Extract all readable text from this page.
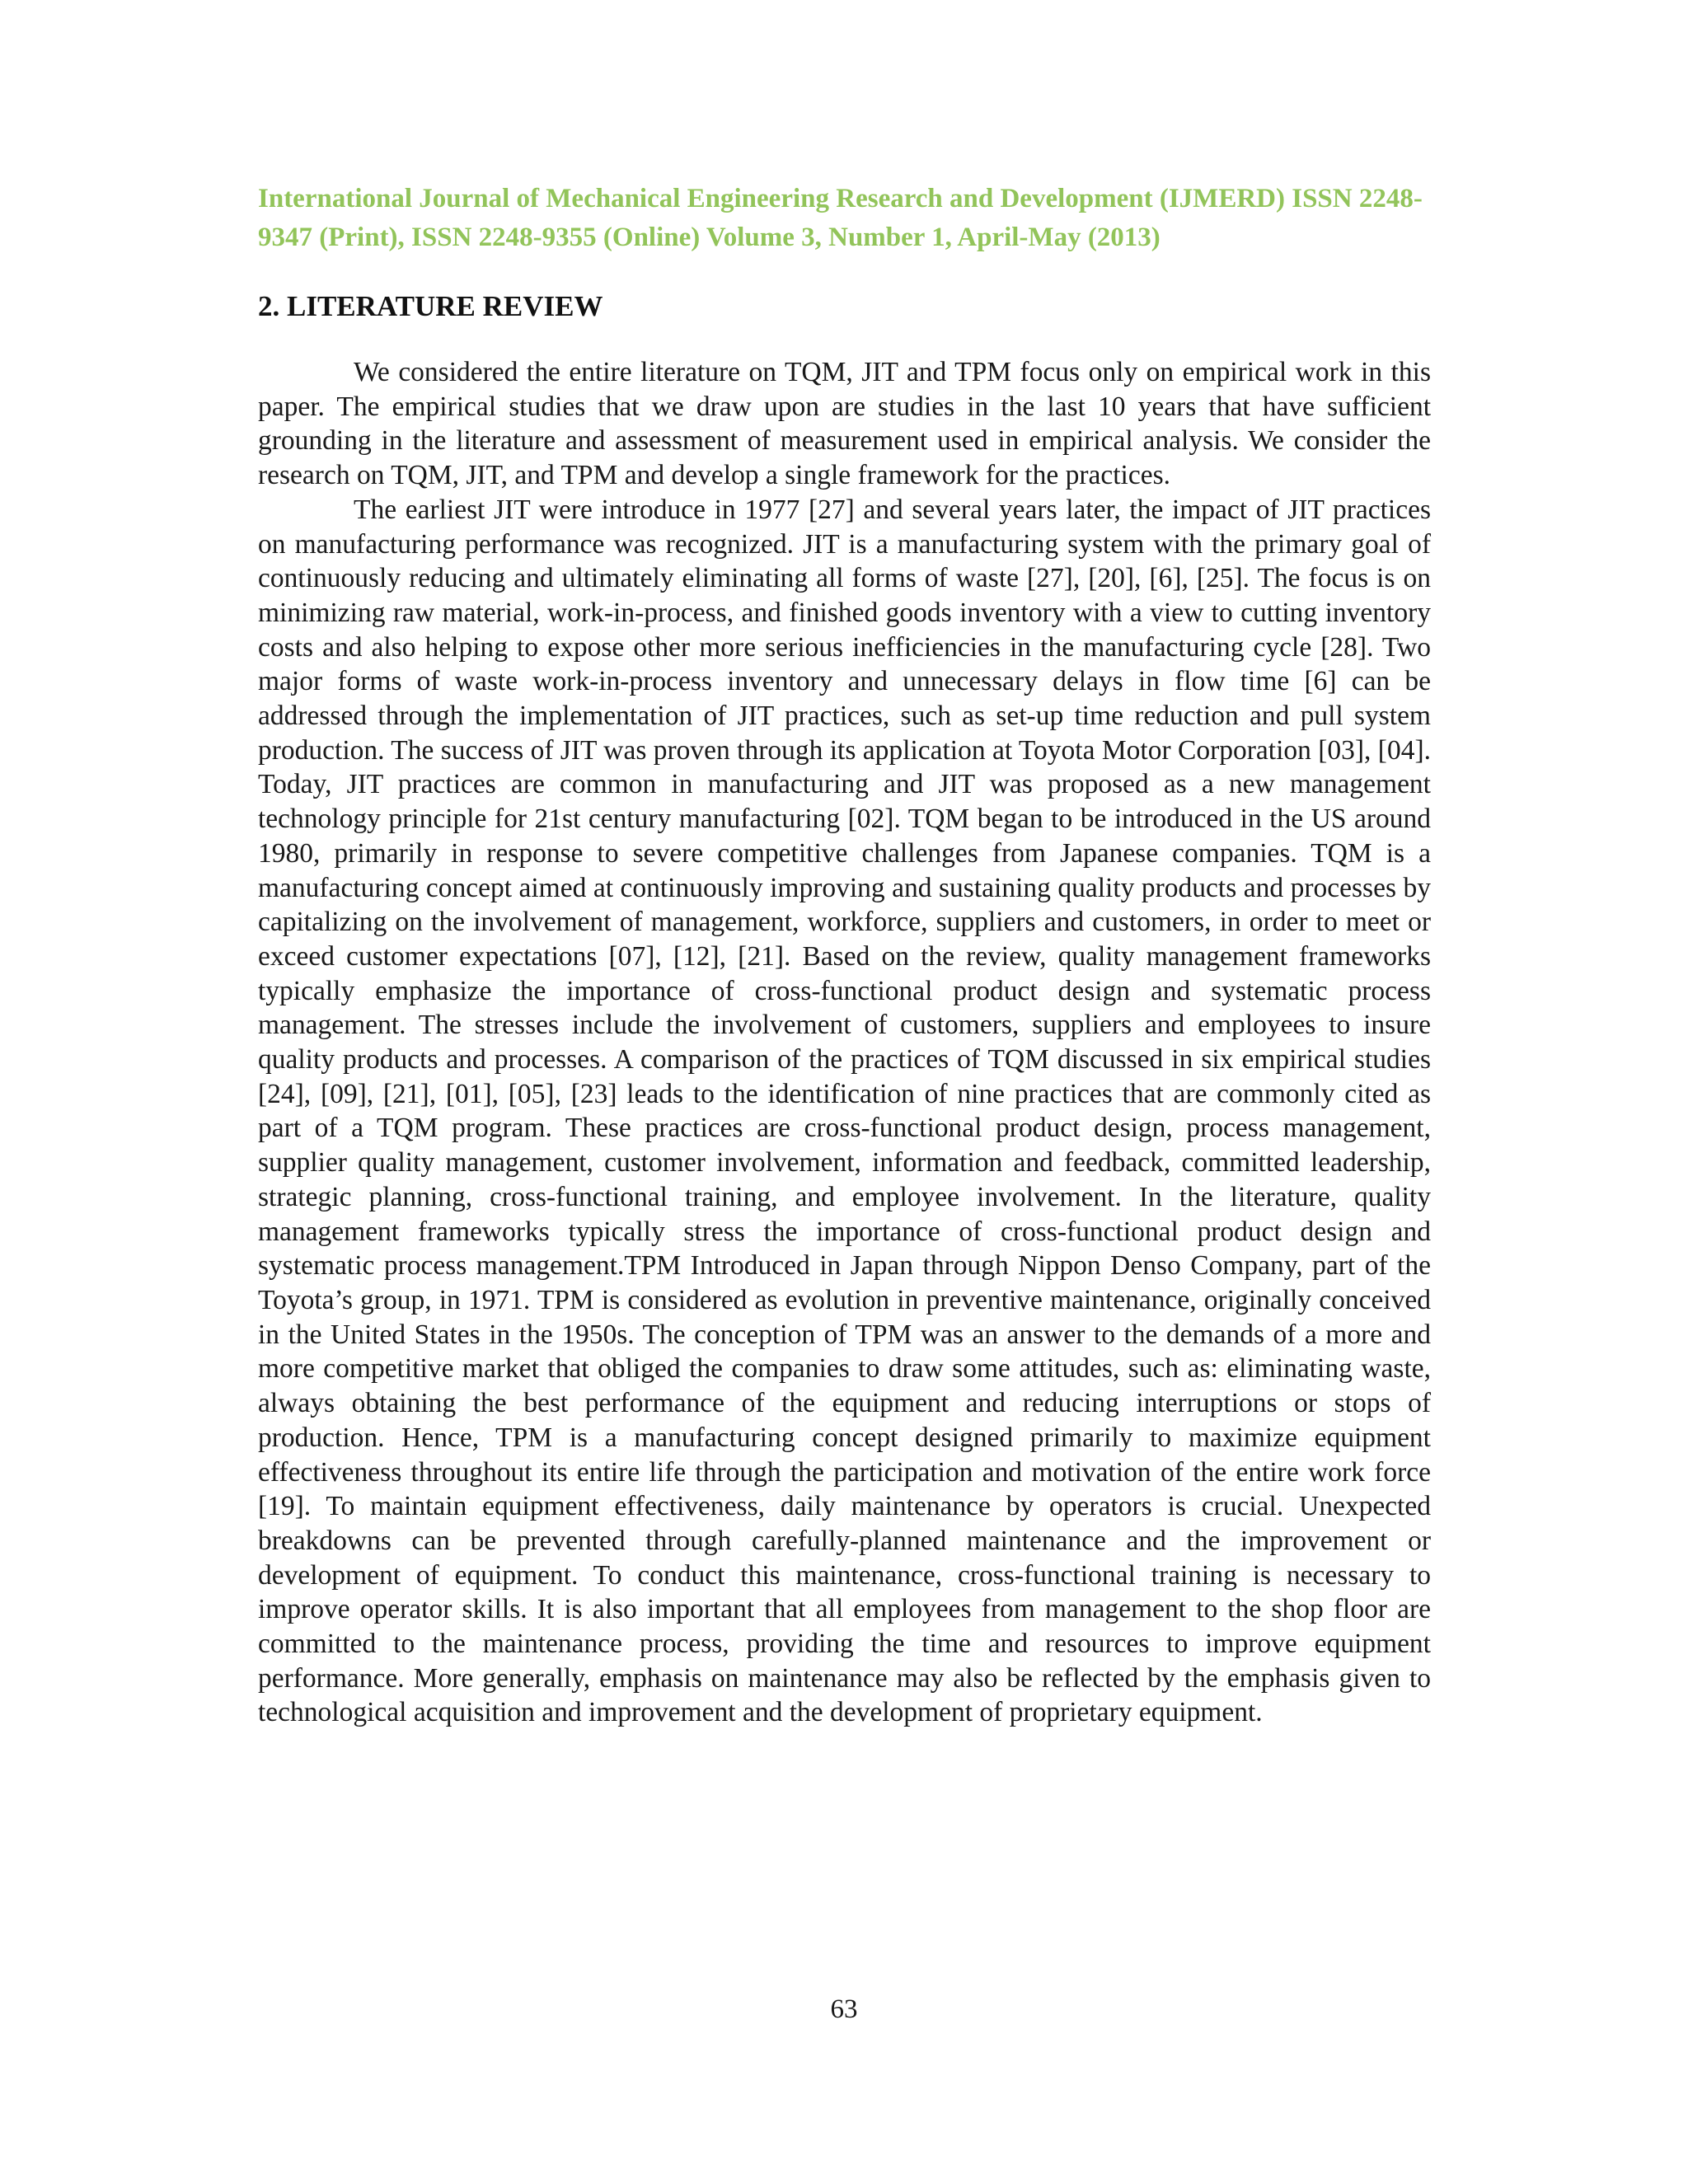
International Journal of Mechanical Engineering Research and Development (IJMERD) ISSN 2248-9347 (Print), ISSN 2248-9355 (Online) Volume 3, Number 1, April-May (2013)

2. LITERATURE REVIEW

We considered the entire literature on TQM, JIT and TPM focus only on empirical work in this paper. The empirical studies that we draw upon are studies in the last 10 years that have sufficient grounding in the literature and assessment of measurement used in empirical analysis. We consider the research on TQM, JIT, and TPM and develop a single framework for the practices.

The earliest JIT were introduce in 1977 [27] and several years later, the impact of JIT practices on manufacturing performance was recognized. JIT is a manufacturing system with the primary goal of continuously reducing and ultimately eliminating all forms of waste [27], [20], [6], [25]. The focus is on minimizing raw material, work-in-process, and finished goods inventory with a view to cutting inventory costs and also helping to expose other more serious inefficiencies in the manufacturing cycle [28]. Two major forms of waste work-in-process inventory and unnecessary delays in flow time [6] can be addressed through the implementation of JIT practices, such as set-up time reduction and pull system production. The success of JIT was proven through its application at Toyota Motor Corporation [03], [04]. Today, JIT practices are common in manufacturing and JIT was proposed as a new management technology principle for 21st century manufacturing [02]. TQM began to be introduced in the US around 1980, primarily in response to severe competitive challenges from Japanese companies. TQM is a manufacturing concept aimed at continuously improving and sustaining quality products and processes by capitalizing on the involvement of management, workforce, suppliers and customers, in order to meet or exceed customer expectations [07], [12], [21]. Based on the review, quality management frameworks typically emphasize the importance of cross-functional product design and systematic process management. The stresses include the involvement of customers, suppliers and employees to insure quality products and processes. A comparison of the practices of TQM discussed in six empirical studies [24], [09], [21], [01], [05], [23] leads to the identification of nine practices that are commonly cited as part of a TQM program. These practices are cross-functional product design, process management, supplier quality management, customer involvement, information and feedback, committed leadership, strategic planning, cross-functional training, and employee involvement. In the literature, quality management frameworks typically stress the importance of cross-functional product design and systematic process management.TPM Introduced in Japan through Nippon Denso Company, part of the Toyota’s group, in 1971. TPM is considered as evolution in preventive maintenance, originally conceived in the United States in the 1950s. The conception of TPM was an answer to the demands of a more and more competitive market that obliged the companies to draw some attitudes, such as: eliminating waste, always obtaining the best performance of the equipment and reducing interruptions or stops of production. Hence, TPM is a manufacturing concept designed primarily to maximize equipment effectiveness throughout its entire life through the participation and motivation of the entire work force [19]. To maintain equipment effectiveness, daily maintenance by operators is crucial. Unexpected breakdowns can be prevented through carefully-planned maintenance and the improvement or development of equipment. To conduct this maintenance, cross-functional training is necessary to improve operator skills. It is also important that all employees from management to the shop floor are committed to the maintenance process, providing the time and resources to improve equipment performance. More generally, emphasis on maintenance may also be reflected by the emphasis given to technological acquisition and improvement and the development of proprietary equipment.

63
